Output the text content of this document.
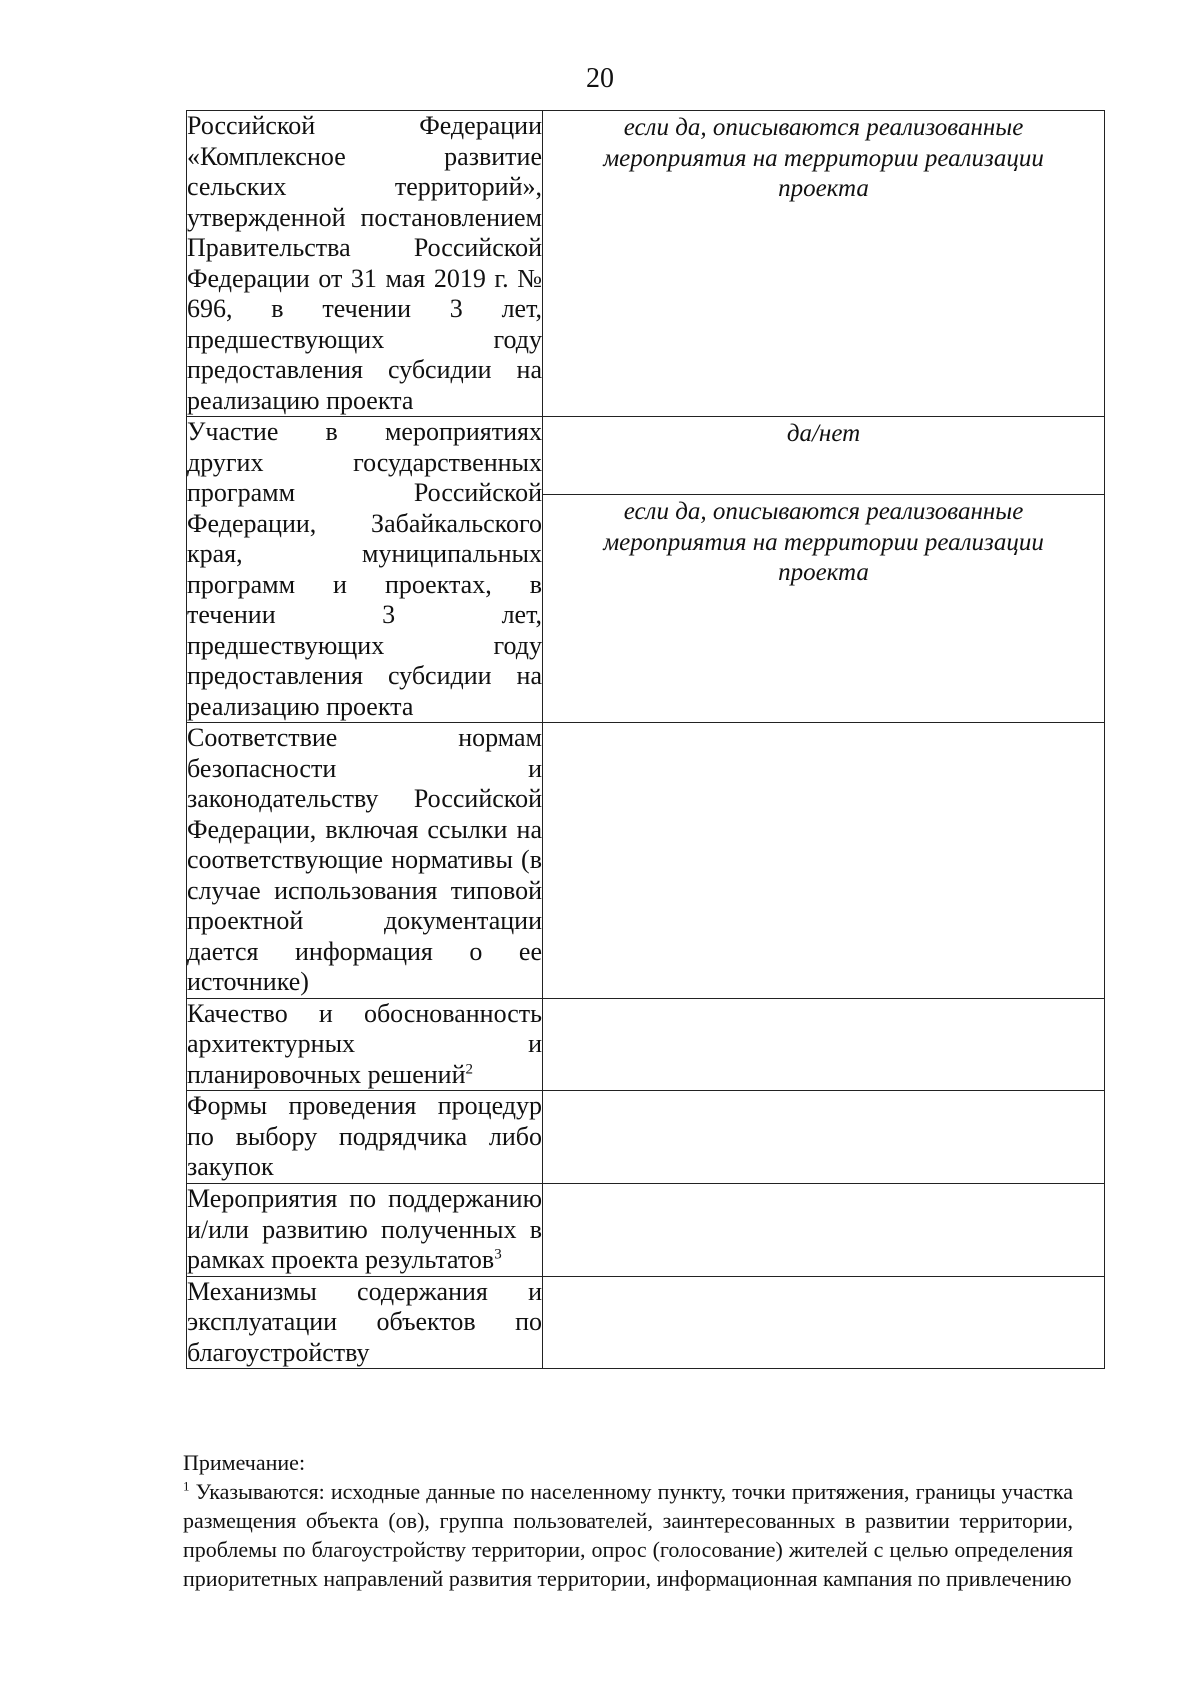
20
Российской Федерации «Комплексное развитие сельских территорий», утвержденной постановлением Правительства Российской Федерации от 31 мая 2019 г. № 696, в течении 3 лет, предшествующих году предоставления субсидии на реализацию проекта	если да, описываются реализованные мероприятия на территории реализации проекта

Участие в мероприятиях других государственных программ Российской Федерации, Забайкальского края, муниципальных программ и проектах, в течении 3 лет, предшествующих году предоставления субсидии на реализацию проекта	да/нет

	если да, описываются реализованные мероприятия на территории реализации проекта

Соответствие нормам безопасности и законодательству Российской Федерации, включая ссылки на соответствующие нормативы (в случае использования типовой проектной документации дается информация о ее источнике)	

Качество и обоснованность архитектурных и планировочных решений$^2$

Формы проведения процедур по выбору подрядчика либо закупок	

Мероприятия по поддержанию и/или развитию полученных в рамках проекта результатов$^3$

Механизмы содержания и эксплуатации объектов по благоустройству	

Примечание:
$^1$ Указываются: исходные данные по населенному пункту, точки притяжения, границы участка размещения объекта (ов), группа пользователей, заинтересованных в развитии территории, проблемы по благоустройству территории, опрос (голосование) жителей с целью определения приоритетных направлений развития территории, информационная кампания по привлечению
